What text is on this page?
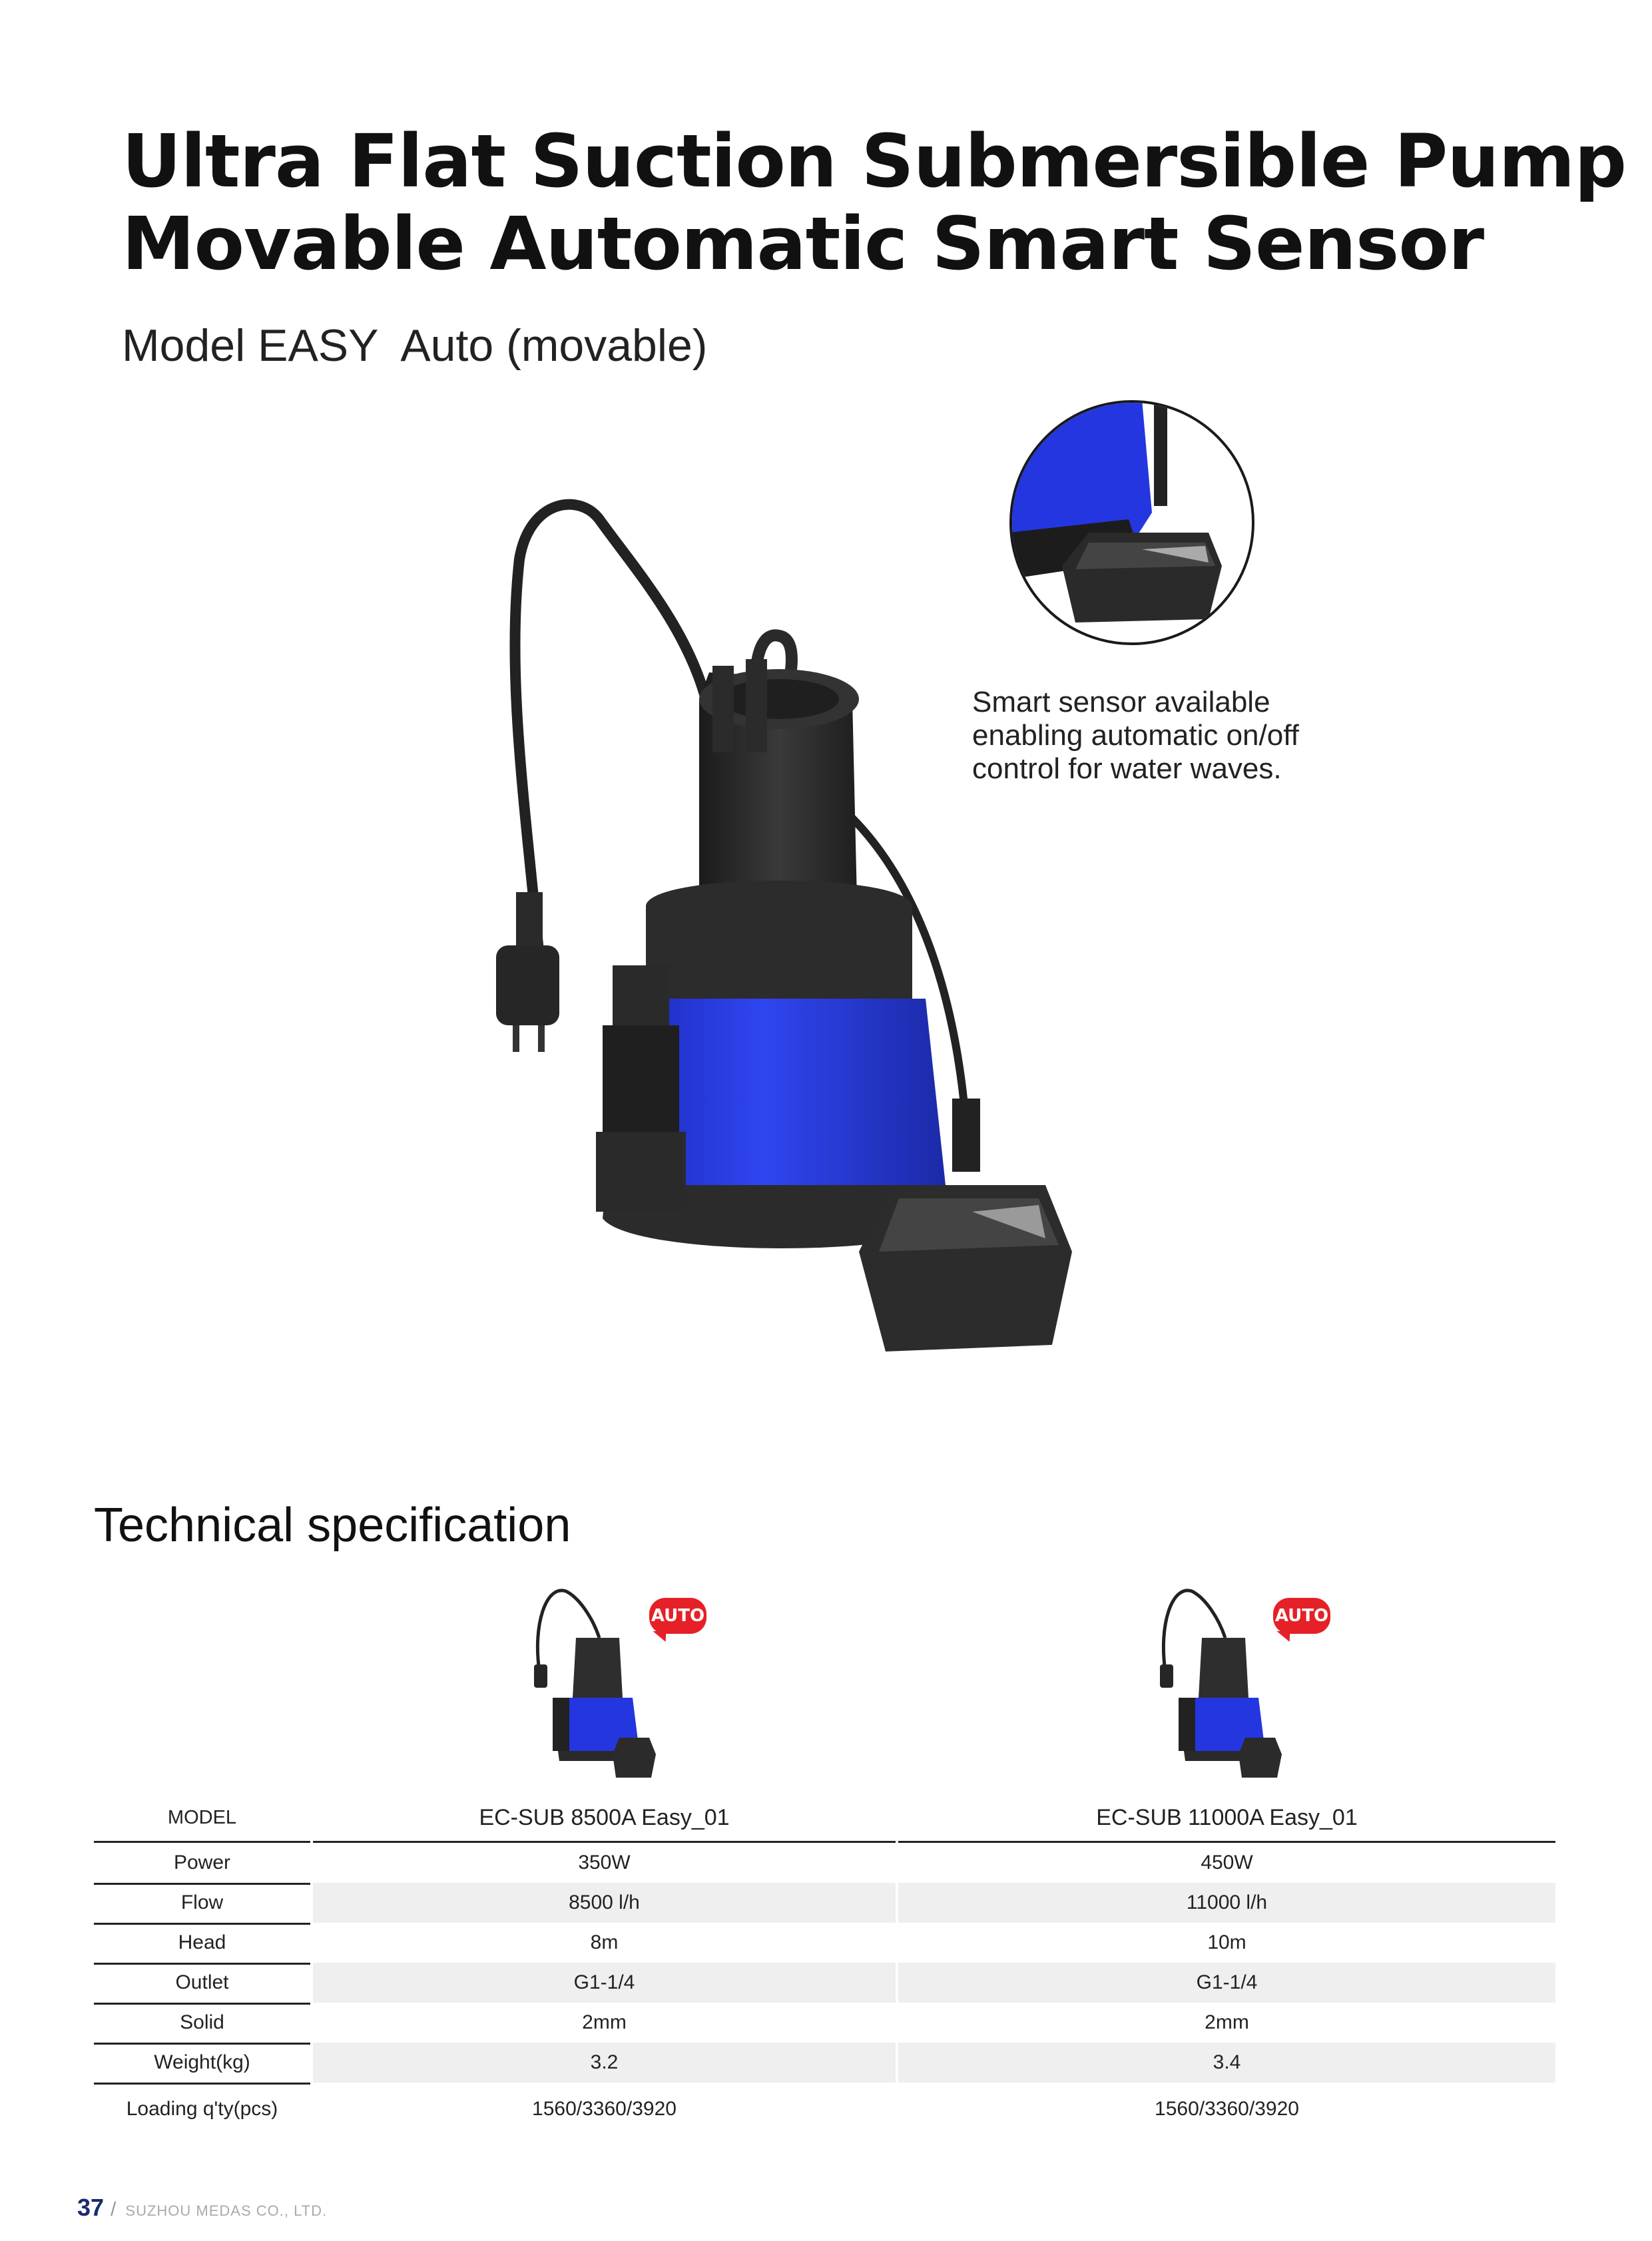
Ultra Flat Suction Submersible Pump
Movable Automatic Smart Sensor
Model EASY  Auto (movable)
Smart sensor available
enabling automatic on/off
control for water waves.
Technical specification
AUTO	AUTO
MODEL	EC-SUB 8500A Easy_01	EC-SUB 11000A Easy_01
Power	350W	450W
Flow	8500 l/h	11000 l/h
Head	8m	10m
Outlet	G1-1/4	G1-1/4
Solid	2mm	2mm
Weight(kg)	3.2	3.4
Loading q'ty(pcs)	1560/3360/3920	1560/3360/3920
37 / SUZHOU MEDAS CO., LTD.
